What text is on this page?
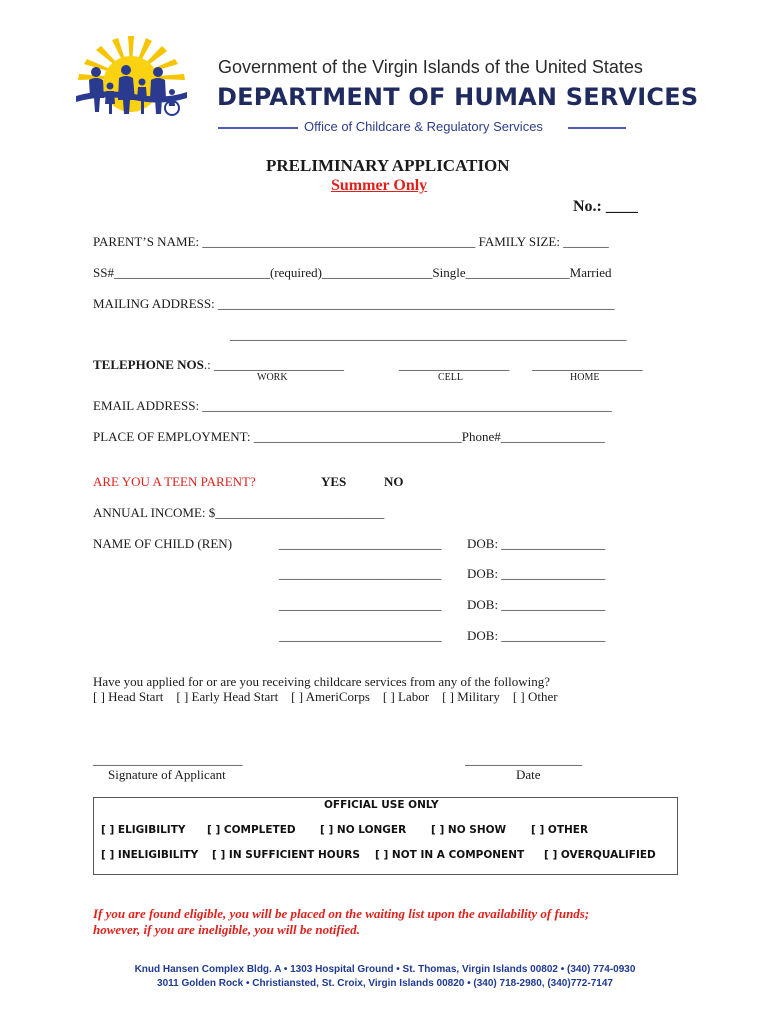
Government of the Virgin Islands of the United States
DEPARTMENT OF HUMAN SERVICES
Office of Childcare & Regulatory Services
PRELIMINARY APPLICATION
Summer Only
No.: ____
PARENT’S NAME: __________________________________________ FAMILY SIZE: _______
SS#________________________(required)_________________Single________________Married
MAILING ADDRESS: _____________________________________________________________
_____________________________________________________________
TELEPHONE NOS.: ____________________	_________________ _________________
WORK	CELL	HOME
EMAIL ADDRESS: _______________________________________________________________
PLACE OF EMPLOYMENT: ________________________________Phone#________________
ARE YOU A TEEN PARENT?	YES	NO
ANNUAL INCOME: $__________________________
NAME OF CHILD (REN)	_________________________ DOB: ________________
_________________________ DOB: ________________
_________________________ DOB: ________________
_________________________ DOB: ________________
Have you applied for or are you receiving childcare services from any of the following?
[ ] Head Start    [ ] Early Head Start    [ ] AmeriCorps    [ ] Labor    [ ] Military    [ ] Other
_______________________	__________________
Signature of Applicant	Date
OFFICIAL USE ONLY
[ ] ELIGIBILITY [ ] COMPLETED [ ] NO LONGER [ ] NO SHOW [ ] OTHER
[ ] INELIGIBILITY [ ] IN SUFFICIENT HOURS [ ] NOT IN A COMPONENT [ ] OVERQUALIFIED
If you are found eligible, you will be placed on the waiting list upon the availability of funds;
however, if you are ineligible, you will be notified.
Knud Hansen Complex Bldg. A • 1303 Hospital Ground • St. Thomas, Virgin Islands 00802 • (340) 774-0930
3011 Golden Rock • Christiansted, St. Croix, Virgin Islands 00820 • (340) 718-2980, (340)772-7147
